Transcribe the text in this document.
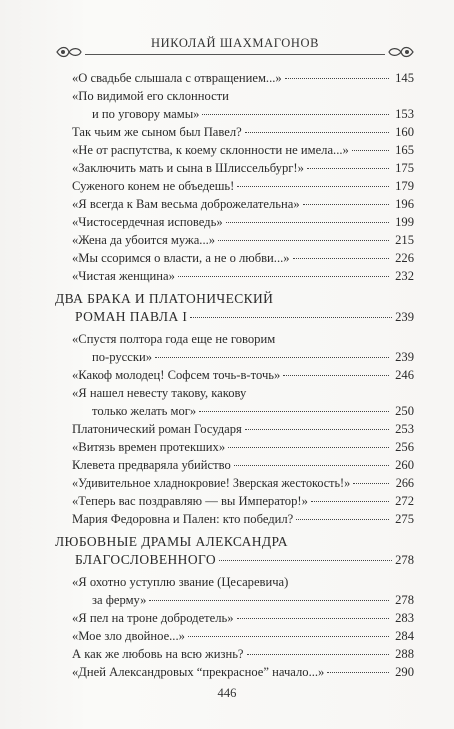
НИКОЛАЙ ШАХМАГОНОВ
«О свадьбе слышала с отвращением...»	145
«По видимой его склонности
и по уговору мамы»	153
Так чьим же сыном был Павел?	160
«Не от распутства, к коему склонности не имела...»	165
«Заключить мать и сына в Шлиссельбург!»	175
Суженого конем не объедешь!	179
«Я всегда к Вам весьма доброжелательна»	196
«Чистосердечная исповедь»	199
«Жена да убоится мужа...»	215
«Мы ссоримся о власти, а не о любви...»	226
«Чистая женщина»	232
ДВА БРАКА И ПЛАТОНИЧЕСКИЙ
РОМАН ПАВЛА I	239
«Спустя полтора года еще не говорим
по-русски»	239
«Какоф молодец! Софсем точь-в-точь»	246
«Я нашел невесту такову, какову
только желать мог»	250
Платонический роман Государя	253
«Витязь времен протекших»	256
Клевета предваряла убийство	260
«Удивительное хладнокровие! Зверская жестокость!»	266
«Теперь вас поздравляю — вы Император!»	272
Мария Федоровна и Пален: кто победил?	275
ЛЮБОВНЫЕ ДРАМЫ АЛЕКСАНДРА
БЛАГОСЛОВЕННОГО	278
«Я охотно уступлю звание (Цесаревича)
за ферму»	278
«Я пел на троне добродетель»	283
«Мое зло двойное...»	284
А как же любовь на всю жизнь?	288
«Дней Александровых “прекрасное” начало...»	290
446
